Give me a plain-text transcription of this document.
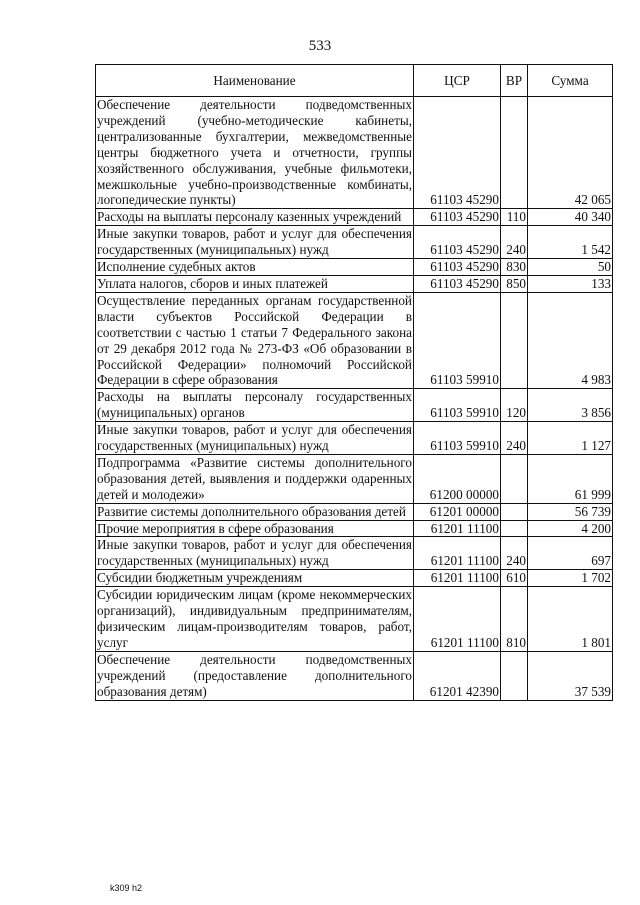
533
Наименование	ЦСР	ВР	Сумма
Обеспечение деятельности подведомственных учреждений (учебно-методические кабинеты, централизованные бухгалтерии, межведомственные центры бюджетного учета и отчетности, группы хозяйственного обслуживания, учебные фильмотеки, межшкольные учебно-производственные комбинаты, логопедические пункты)	61103 45290		42 065
Расходы на выплаты персоналу казенных учреждений	61103 45290	110	40 340
Иные закупки товаров, работ и услуг для обеспечения государственных (муниципальных) нужд	61103 45290	240	1 542
Исполнение судебных актов	61103 45290	830	50
Уплата налогов, сборов и иных платежей	61103 45290	850	133
Осуществление переданных органам государственной власти субъектов Российской Федерации в соответствии с частью 1 статьи 7 Федерального закона от 29 декабря 2012 года № 273-ФЗ «Об образовании в Российской Федерации» полномочий Российской Федерации в сфере образования	61103 59910		4 983
Расходы на выплаты персоналу государственных (муниципальных) органов	61103 59910	120	3 856
Иные закупки товаров, работ и услуг для обеспечения государственных (муниципальных) нужд	61103 59910	240	1 127
Подпрограмма «Развитие системы дополнительного образования детей, выявления и поддержки одаренных детей и молодежи»	61200 00000		61 999
Развитие системы дополнительного образования детей	61201 00000		56 739
Прочие мероприятия в сфере образования	61201 11100		4 200
Иные закупки товаров, работ и услуг для обеспечения государственных (муниципальных) нужд	61201 11100	240	697
Субсидии бюджетным учреждениям	61201 11100	610	1 702
Субсидии юридическим лицам (кроме некоммерческих организаций), индивидуальным предпринимателям, физическим лицам-производителям товаров, работ, услуг	61201 11100	810	1 801
Обеспечение деятельности подведомственных учреждений (предоставление дополнительного образования детям)	61201 42390		37 539
k309 h2
